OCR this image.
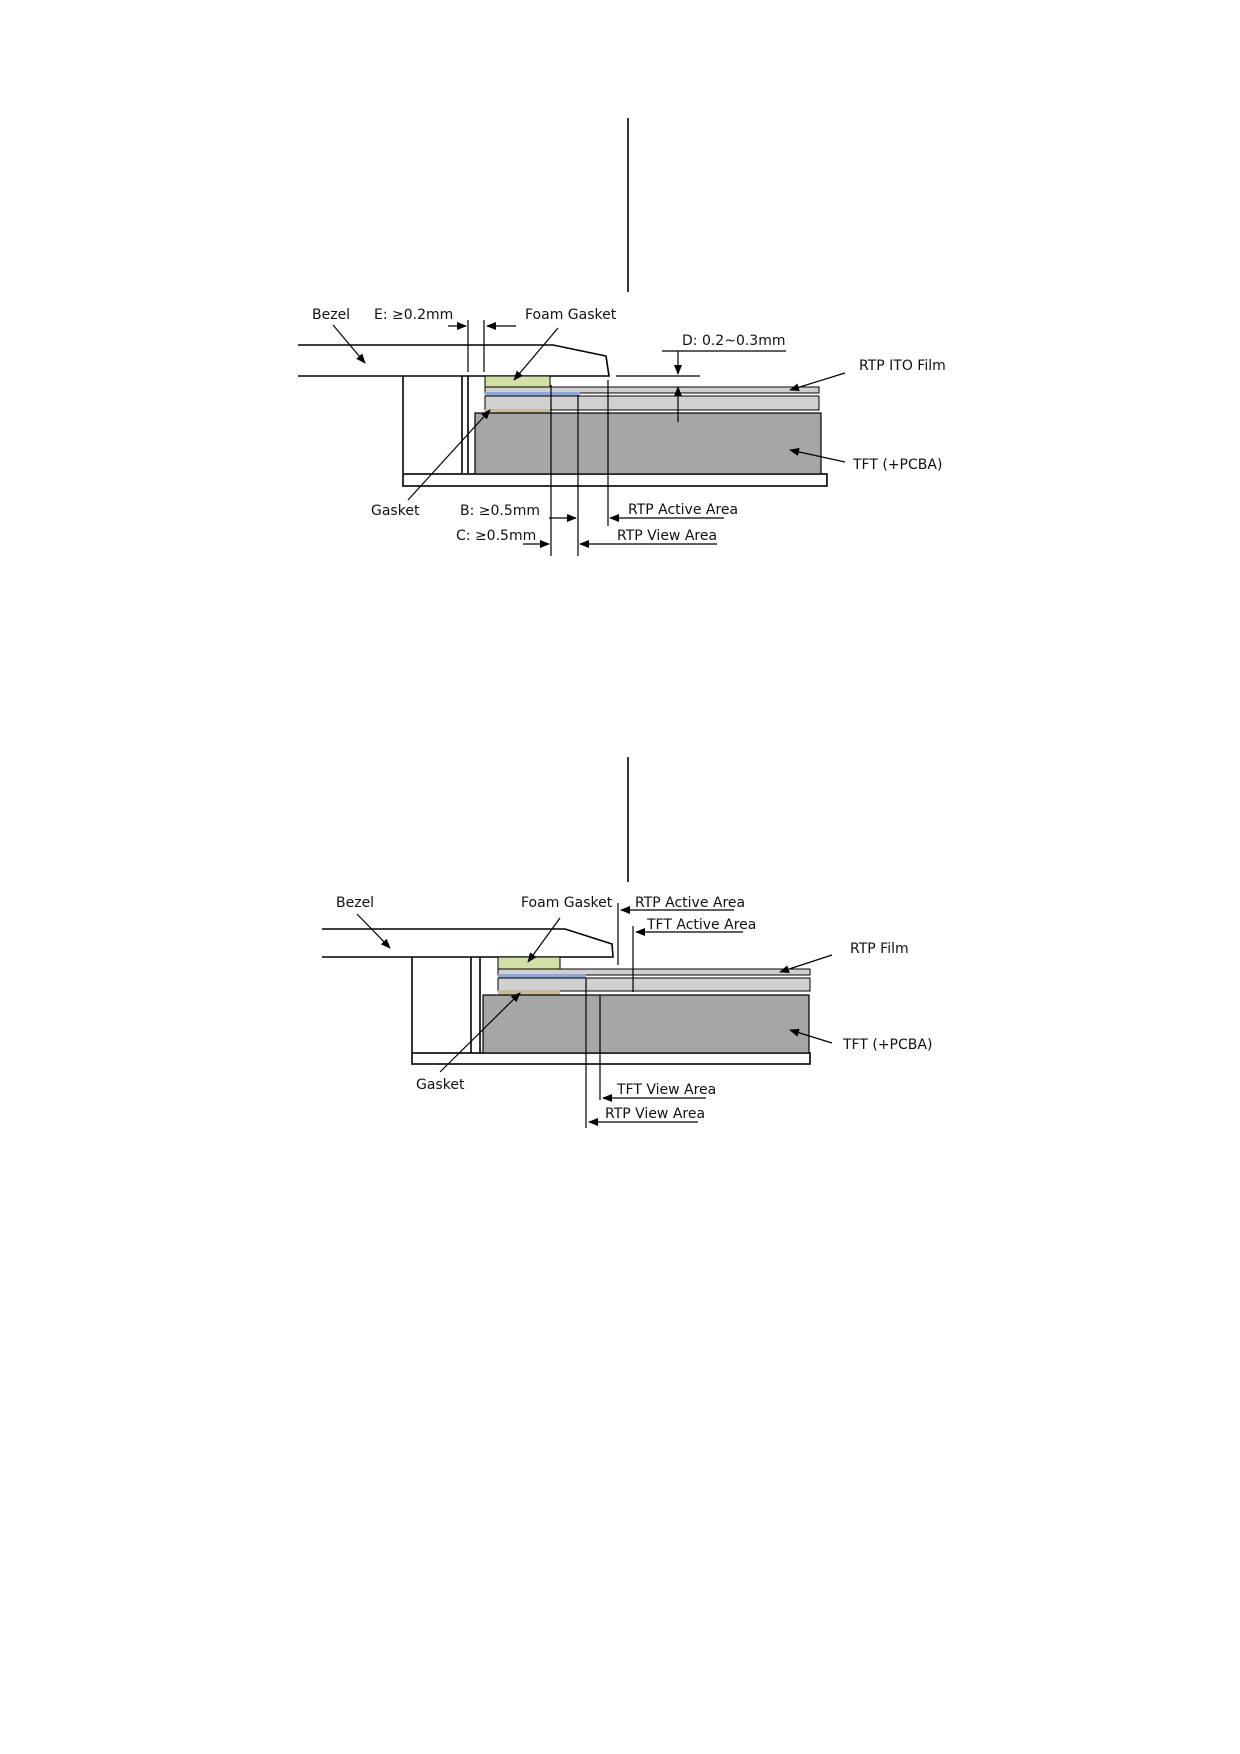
Bezel E: ≥0.2mm	Foam Gasket
D: 0.2~0.3mm
RTP ITO Film
TFT (+PCBA)
Gasket	B: ≥0.5mm	RTP Active Area
C: ≥0.5mm	RTP View Area
Bezel	Foam Gasket RTP Active Area
TFT Active Area
RTP Film
TFT (+PCBA)
Gasket	TFT View Area
RTP View Area
